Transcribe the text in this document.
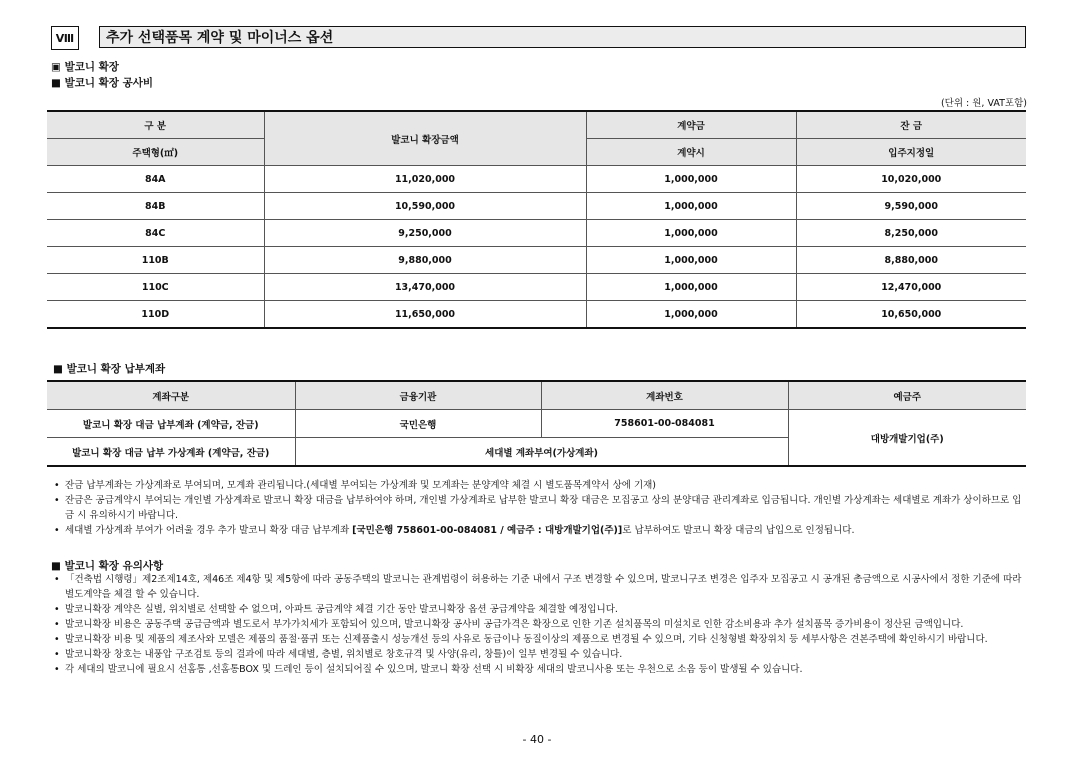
Ⅷ	추가 선택품목 계약 및 마이너스 옵션
▣ 발코니 확장
■ 발코니 확장 공사비
(단위 : 원, VAT포함)
구 분	발코니 확장금액	계약금	잔 금
주택형(㎡)		계약시	입주지정일
84A	11,020,000	1,000,000	10,020,000
84B	10,590,000	1,000,000	9,590,000
84C	9,250,000	1,000,000	8,250,000
110B	9,880,000	1,000,000	8,880,000
110C	13,470,000	1,000,000	12,470,000
110D	11,650,000	1,000,000	10,650,000
■ 발코니 확장 납부계좌
계좌구분	금융기관	계좌번호	예금주
발코니 확장 대금 납부계좌 (계약금, 잔금)	국민은행	758601-00-084081	대방개발기업(주)
발코니 확장 대금 납부 가상계좌 (계약금, 잔금)	세대별 계좌부여(가상계좌)		
• 잔금 납부계좌는 가상계좌로 부여되며, 모계좌 관리됩니다.(세대별 부여되는 가상계좌 및 모계좌는 분양계약 체결 시 별도품목계약서 상에 기재)
• 잔금은 공급계약시 부여되는 개인별 가상계좌로 발코니 확장 대금을 납부하여야 하며, 개인별 가상계좌로 납부한 발코니 확장 대금은 모집공고 상의 분양대금 관리계좌로 입금됩니다. 개인별 가상계좌는 세대별로 계좌가 상이하므로 입금 시 유의하시기 바랍니다.
• 세대별 가상계좌 부여가 어려울 경우 추가 발코니 확장 대금 납부계좌 [국민은행 758601-00-084081 / 예금주 : 대방개발기업(주)]로 납부하여도 발코니 확장 대금의 납입으로 인정됩니다.
■ 발코니 확장 유의사항
• 「건축법 시행령」제2조제14호, 제46조 제4항 및 제5항에 따라 공동주택의 발코니는 관계법령이 허용하는 기준 내에서 구조 변경할 수 있으며, 발코니구조 변경은 입주자 모집공고 시 공개된 총금액으로 시공사에서 정한 기준에 따라 별도계약을 체결 할 수 있습니다.
• 발코니확장 계약은 실별, 위치별로 선택할 수 없으며, 아파트 공급계약 체결 기간 동안 발코니확장 옵션 공급계약을 체결할 예정입니다.
• 발코니확장 비용은 공동주택 공급금액과 별도로서 부가가치세가 포함되어 있으며, 발코니확장 공사비 공급가격은 확장으로 인한 기존 설치품목의 미설치로 인한 감소비용과 추가 설치품목 증가비용이 정산된 금액입니다.
• 발코니확장 비용 및 제품의 제조사와 모델은 제품의 품절·품귀 또는 신제품출시 성능개선 등의 사유로 동급이나 동질이상의 제품으로 변경될 수 있으며, 기타 신청형별 확장위치 등 세부사항은 견본주택에 확인하시기 바랍니다.
• 발코니확장 창호는 내풍압 구조검토 등의 결과에 따라 세대별, 층별, 위치별로 창호규격 및 사양(유리, 창틀)이 일부 변경될 수 있습니다.
• 각 세대의 발코니에 필요시 선홈통 ,선홈통BOX 및 드레인 등이 설치되어질 수 있으며, 발코니 확장 선택 시 비확장 세대의 발코니사용 또는 우천으로 소음 등이 발생될 수 있습니다.
- 40 -
